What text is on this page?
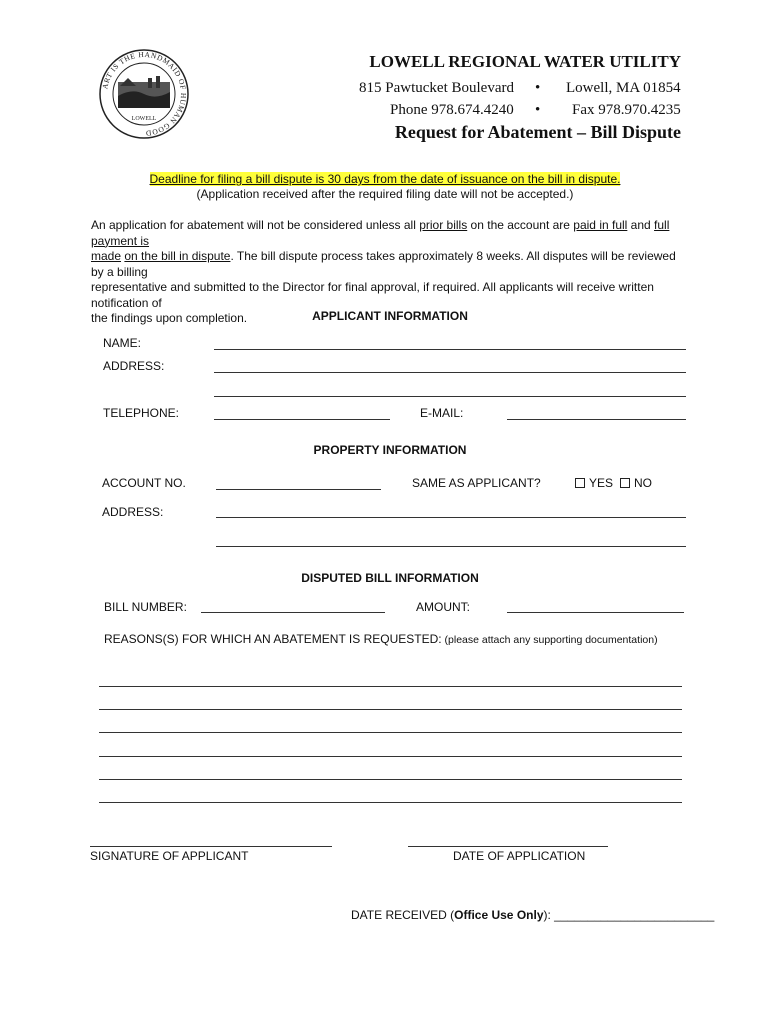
ART IS THE HANDMAID OF HUMAN GOOD
LOWELL
LOWELL REGIONAL WATER UTILITY
815 Pawtucket Boulevard • Lowell, MA 01854
Phone 978.674.4240 • Fax 978.970.4235
Request for Abatement – Bill Dispute
Deadline for filing a bill dispute is 30 days from the date of issuance on the bill in dispute.
(Application received after the required filing date will not be accepted.)
An application for abatement will not be considered unless all prior bills on the account are paid in full and full payment is
made on the bill in dispute. The bill dispute process takes approximately 8 weeks. All disputes will be reviewed by a billing
representative and submitted to the Director for final approval, if required. All applicants will receive written notification of
the findings upon completion.	APPLICANT INFORMATION
NAME:
ADDRESS:
TELEPHONE:	E-MAIL:
PROPERTY INFORMATION
ACCOUNT NO.	SAME AS APPLICANT?	YES	NO
ADDRESS:
DISPUTED BILL INFORMATION
BILL NUMBER:	AMOUNT:
REASONS(S) FOR WHICH AN ABATEMENT IS REQUESTED: (please attach any supporting documentation)
SIGNATURE OF APPLICANT	DATE OF APPLICATION
DATE RECEIVED (Office Use Only): ________________________
